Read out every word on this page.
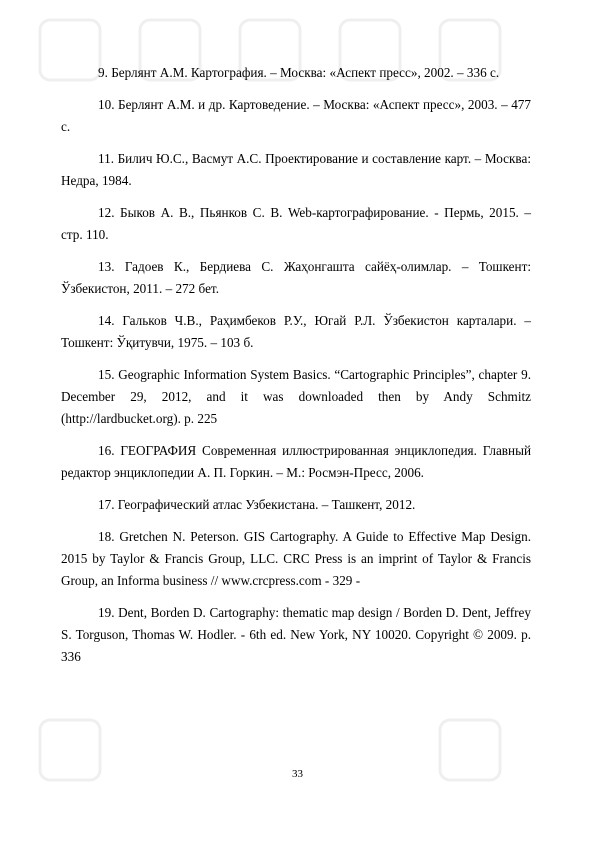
9. Берлянт А.М. Картография. – Москва: «Аспект пресс», 2002. – 336 с.

10. Берлянт А.М. и др. Картоведение. – Москва: «Аспект пресс», 2003. – 477 с.

11. Билич Ю.С., Васмут А.С. Проектирование и составление карт. – Москва: Недра, 1984.

12. Быков А. В., Пьянков С. В. Web-картографирование. - Пермь, 2015. – стр. 110.

13. Гадоев К., Бердиева С. Жаҳонгашта сайёҳ-олимлар. – Тошкент: Ўзбекистон, 2011. – 272 бет.

14. Гальков Ч.В., Раҳимбеков Р.У., Югай Р.Л. Ўзбекистон карталари. – Тошкент: Ўқитувчи, 1975. – 103 б.

15. Geographic Information System Basics. “Cartographic Principles”, chapter 9. December 29, 2012, and it was downloaded then by Andy Schmitz (http://lardbucket.org). p. 225

16. ГЕОГРАФИЯ Современная иллюстрированная энциклопедия. Главный редактор энциклопедии А. П. Горкин. – М.: Росмэн-Пресс, 2006.

17. Географический атлас Узбекистана. – Ташкент, 2012.

18. Gretchen N. Peterson. GIS Cartography. A Guide to Effective Map Design. 2015 by Taylor & Francis Group, LLC. CRC Press is an imprint of Taylor & Francis Group, an Informa business // www.crcpress.com - 329 -

19. Dent, Borden D. Cartography: thematic map design / Borden D. Dent, Jeffrey S. Torguson, Thomas W. Hodler. - 6th ed. New York, NY 10020. Copyright © 2009. p. 336

33
